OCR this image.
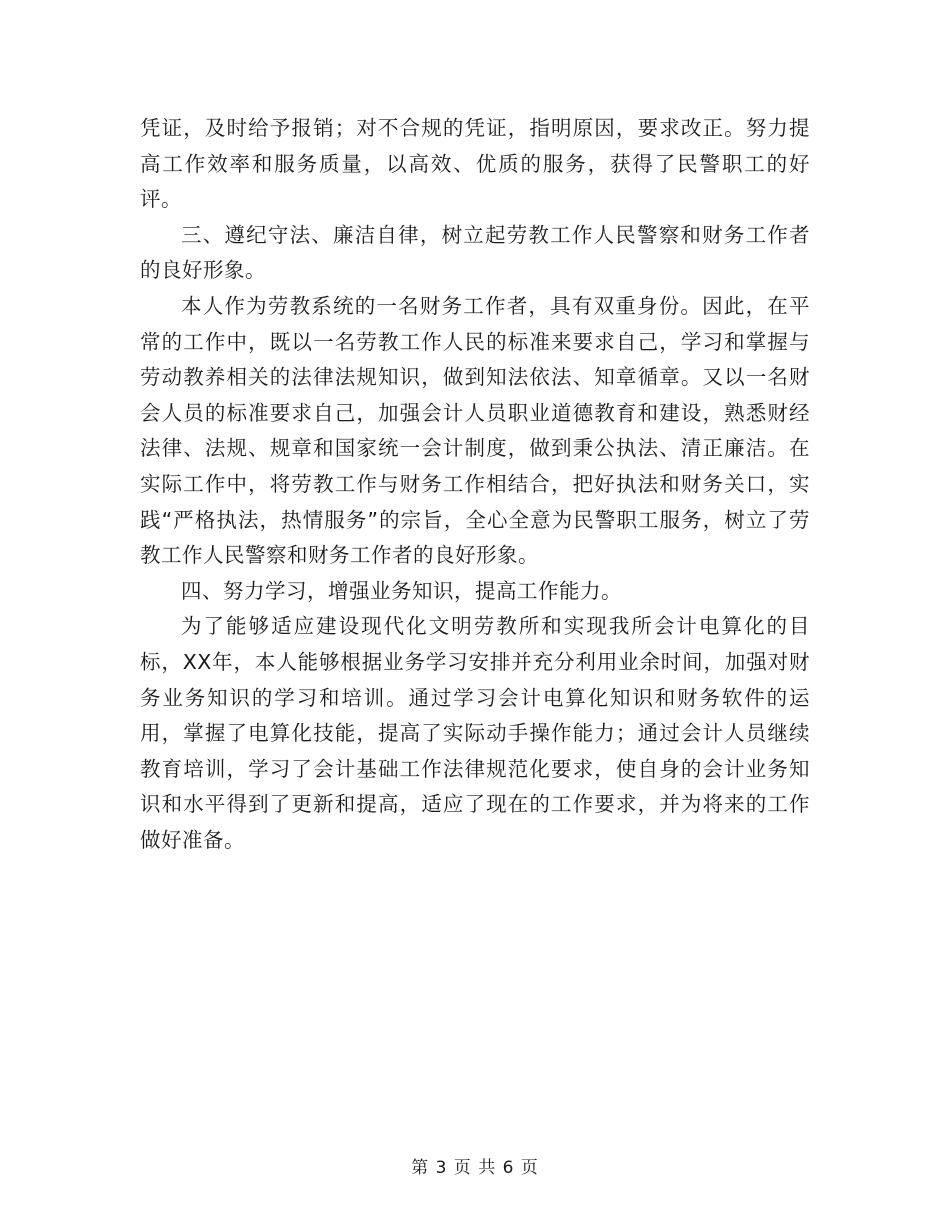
凭证，及时给予报销；对不合规的凭证，指明原因，要求改正。努力提高工作效率和服务质量，以高效、优质的服务，获得了民警职工的好评。

三、遵纪守法、廉洁自律，树立起劳教工作人民警察和财务工作者的良好形象。

本人作为劳教系统的一名财务工作者，具有双重身份。因此，在平常的工作中，既以一名劳教工作人民的标准来要求自己，学习和掌握与劳动教养相关的法律法规知识，做到知法依法、知章循章。又以一名财会人员的标准要求自己，加强会计人员职业道德教育和建设，熟悉财经法律、法规、规章和国家统一会计制度，做到秉公执法、清正廉洁。在实际工作中，将劳教工作与财务工作相结合，把好执法和财务关口，实践“严格执法，热情服务”的宗旨，全心全意为民警职工服务，树立了劳教工作人民警察和财务工作者的良好形象。

四、努力学习，增强业务知识，提高工作能力。

为了能够适应建设现代化文明劳教所和实现我所会计电算化的目标，XX年，本人能够根据业务学习安排并充分利用业余时间，加强对财务业务知识的学习和培训。通过学习会计电算化知识和财务软件的运用，掌握了电算化技能，提高了实际动手操作能力；通过会计人员继续教育培训，学习了会计基础工作法律规范化要求，使自身的会计业务知识和水平得到了更新和提高，适应了现在的工作要求，并为将来的工作做好准备。

第 3 页 共 6 页
